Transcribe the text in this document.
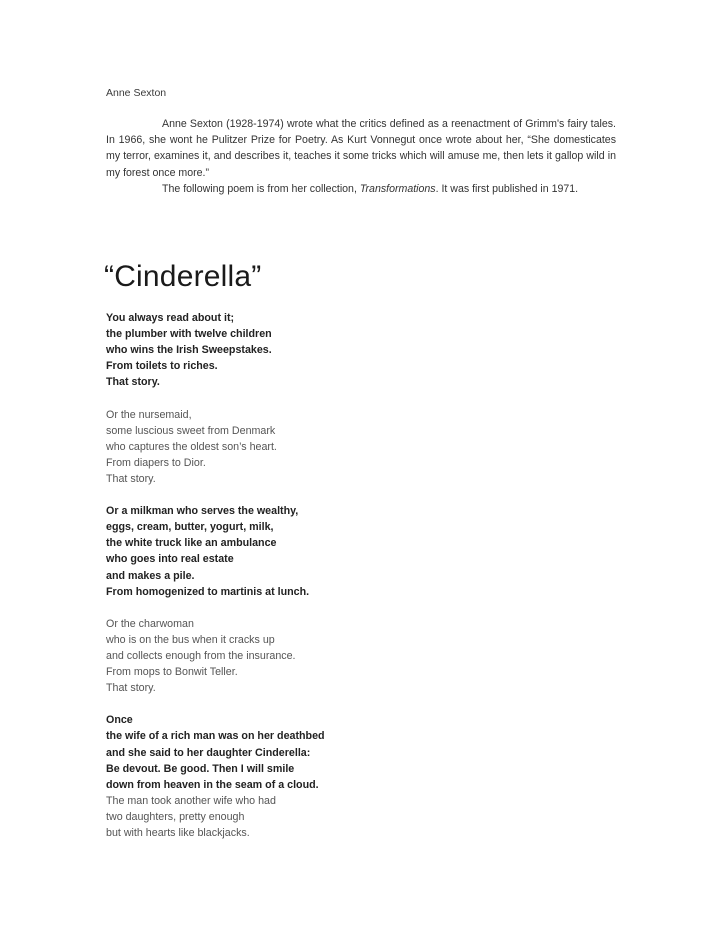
Anne Sexton

Anne Sexton (1928-1974) wrote what the critics defined as a reenactment of Grimm's fairy tales. In 1966, she wont he Pulitzer Prize for Poetry. As Kurt Vonnegut once wrote about her, “She domesticates my terror, examines it, and describes it, teaches it some tricks which will amuse me, then lets it gallop wild in my forest once more.”

The following poem is from her collection, Transformations. It was first published in 1971.

“Cinderella”
You always read about it;
the plumber with twelve children
who wins the Irish Sweepstakes.
From toilets to riches.
That story.
Or the nursemaid,
some luscious sweet from Denmark
who captures the oldest son’s heart.
From diapers to Dior.
That story.
Or a milkman who serves the wealthy,
eggs, cream, butter, yogurt, milk,
the white truck like an ambulance
who goes into real estate
and makes a pile.
From homogenized to martinis at lunch.
Or the charwoman
who is on the bus when it cracks up
and collects enough from the insurance.
From mops to Bonwit Teller.
That story.
Once
the wife of a rich man was on her deathbed
and she said to her daughter Cinderella:
Be devout. Be good. Then I will smile
down from heaven in the seam of a cloud.
The man took another wife who had
two daughters, pretty enough
but with hearts like blackjacks.
